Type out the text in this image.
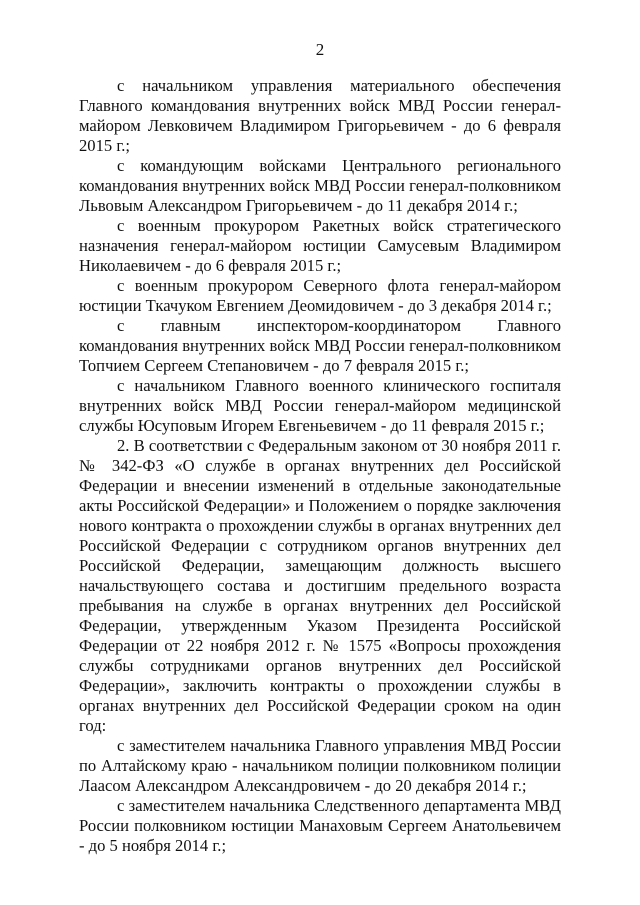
2

с начальником управления материального обеспечения Главного командования внутренних войск МВД России генерал-майором Левковичем Владимиром Григорьевичем - до 6 февраля 2015 г.;

с командующим войсками Центрального регионального командования внутренних войск МВД России генерал-полковником Львовым Александром Григорьевичем - до 11 декабря 2014 г.;

с военным прокурором Ракетных войск стратегического назначения генерал-майором юстиции Самусевым Владимиром Николаевичем - до 6 февраля 2015 г.;

с военным прокурором Северного флота генерал-майором юстиции Ткачуком Евгением Деомидовичем - до 3 декабря 2014 г.;

с главным инспектором-координатором Главного командования внутренних войск МВД России генерал-полковником Топчием Сергеем Степановичем - до 7 февраля 2015 г.;

с начальником Главного военного клинического госпиталя внутренних войск МВД России генерал-майором медицинской службы Юсуповым Игорем Евгеньевичем - до 11 февраля 2015 г.;

2. В соответствии с Федеральным законом от 30 ноября 2011 г. № 342-ФЗ «О службе в органах внутренних дел Российской Федерации и внесении изменений в отдельные законодательные акты Российской Федерации» и Положением о порядке заключения нового контракта о прохождении службы в органах внутренних дел Российской Федерации с сотрудником органов внутренних дел Российской Федерации, замещающим должность высшего начальствующего состава и достигшим предельного возраста пребывания на службе в органах внутренних дел Российской Федерации, утвержденным Указом Президента Российской Федерации от 22 ноября 2012 г. № 1575 «Вопросы прохождения службы сотрудниками органов внутренних дел Российской Федерации», заключить контракты о прохождении службы в органах внутренних дел Российской Федерации сроком на один год:

с заместителем начальника Главного управления МВД России по Алтайскому краю - начальником полиции полковником полиции Лаасом Александром Александровичем - до 20 декабря 2014 г.;

с заместителем начальника Следственного департамента МВД России полковником юстиции Манаховым Сергеем Анатольевичем - до 5 ноября 2014 г.;
